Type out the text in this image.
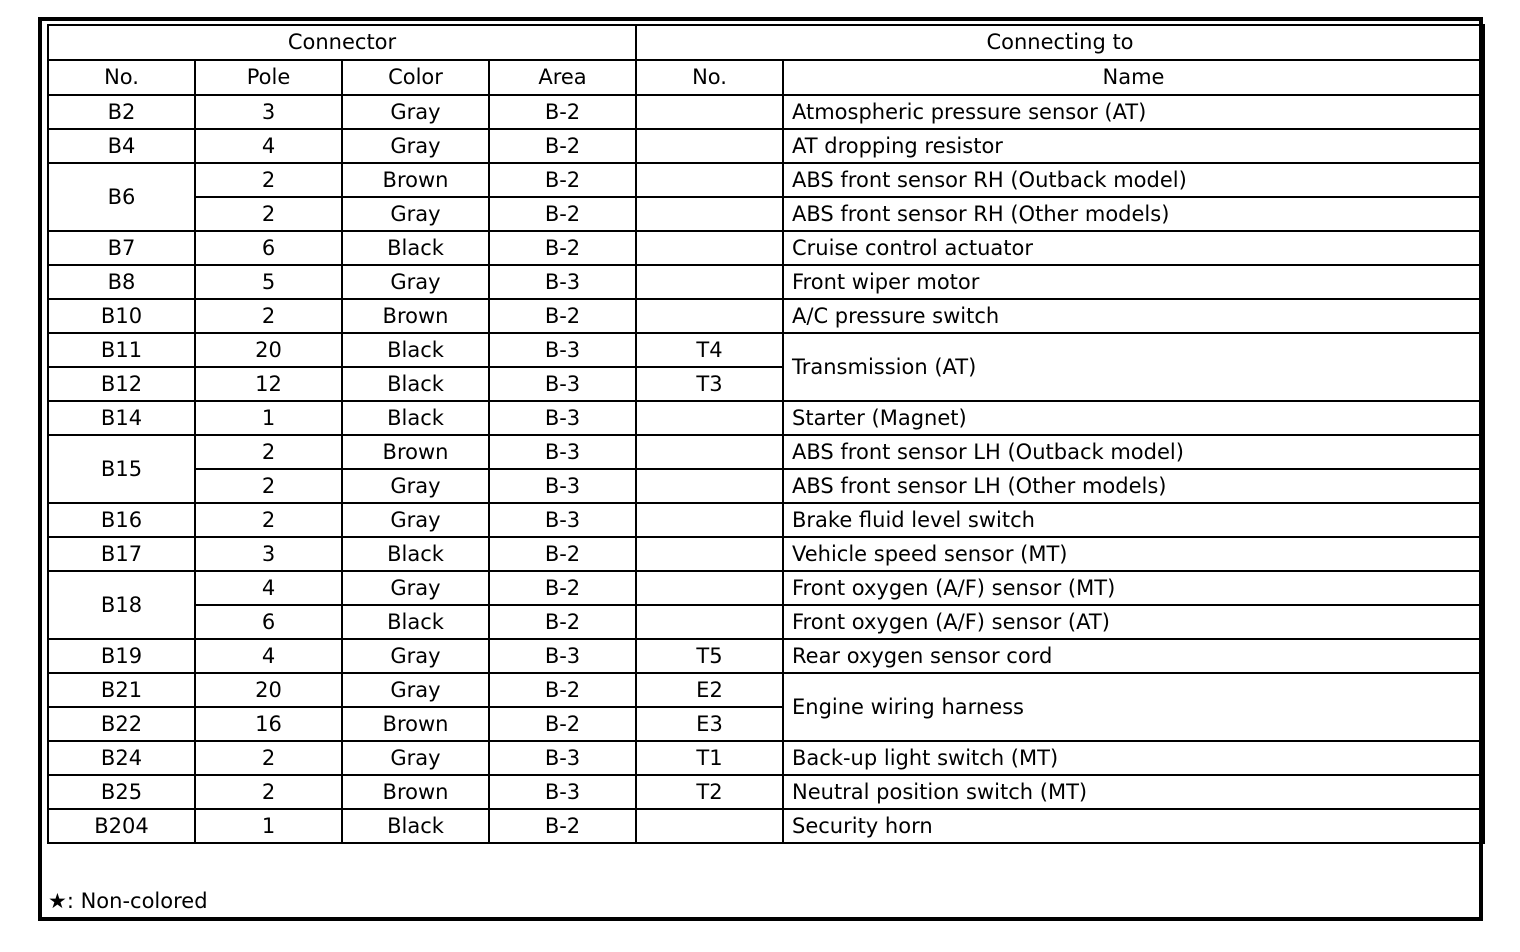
Connector				Connecting to	
No.	Pole	Color	Area	No.	Name
B2	3	Gray	B-2		Atmospheric pressure sensor (AT)
B4	4	Gray	B-2		AT dropping resistor
B6	2	Brown	B-2		ABS front sensor RH (Outback model)
	2	Gray	B-2		ABS front sensor RH (Other models)
B7	6	Black	B-2		Cruise control actuator
B8	5	Gray	B-3		Front wiper motor
B10	2	Brown	B-2		A/C pressure switch
B11	20	Black	B-3	T4	Transmission (AT)
B12	12	Black	B-3	T3	
B14	1	Black	B-3		Starter (Magnet)
B15	2	Brown	B-3		ABS front sensor LH (Outback model)
	2	Gray	B-3		ABS front sensor LH (Other models)
B16	2	Gray	B-3		Brake fluid level switch
B17	3	Black	B-2		Vehicle speed sensor (MT)
B18	4	Gray	B-2		Front oxygen (A/F) sensor (MT)
	6	Black	B-2		Front oxygen (A/F) sensor (AT)
B19	4	Gray	B-3	T5	Rear oxygen sensor cord
B21	20	Gray	B-2	E2	Engine wiring harness
B22	16	Brown	B-2	E3	
B24	2	Gray	B-3	T1	Back-up light switch (MT)
B25	2	Brown	B-3	T2	Neutral position switch (MT)
B204	1	Black	B-2		Security horn
★: Non-colored
